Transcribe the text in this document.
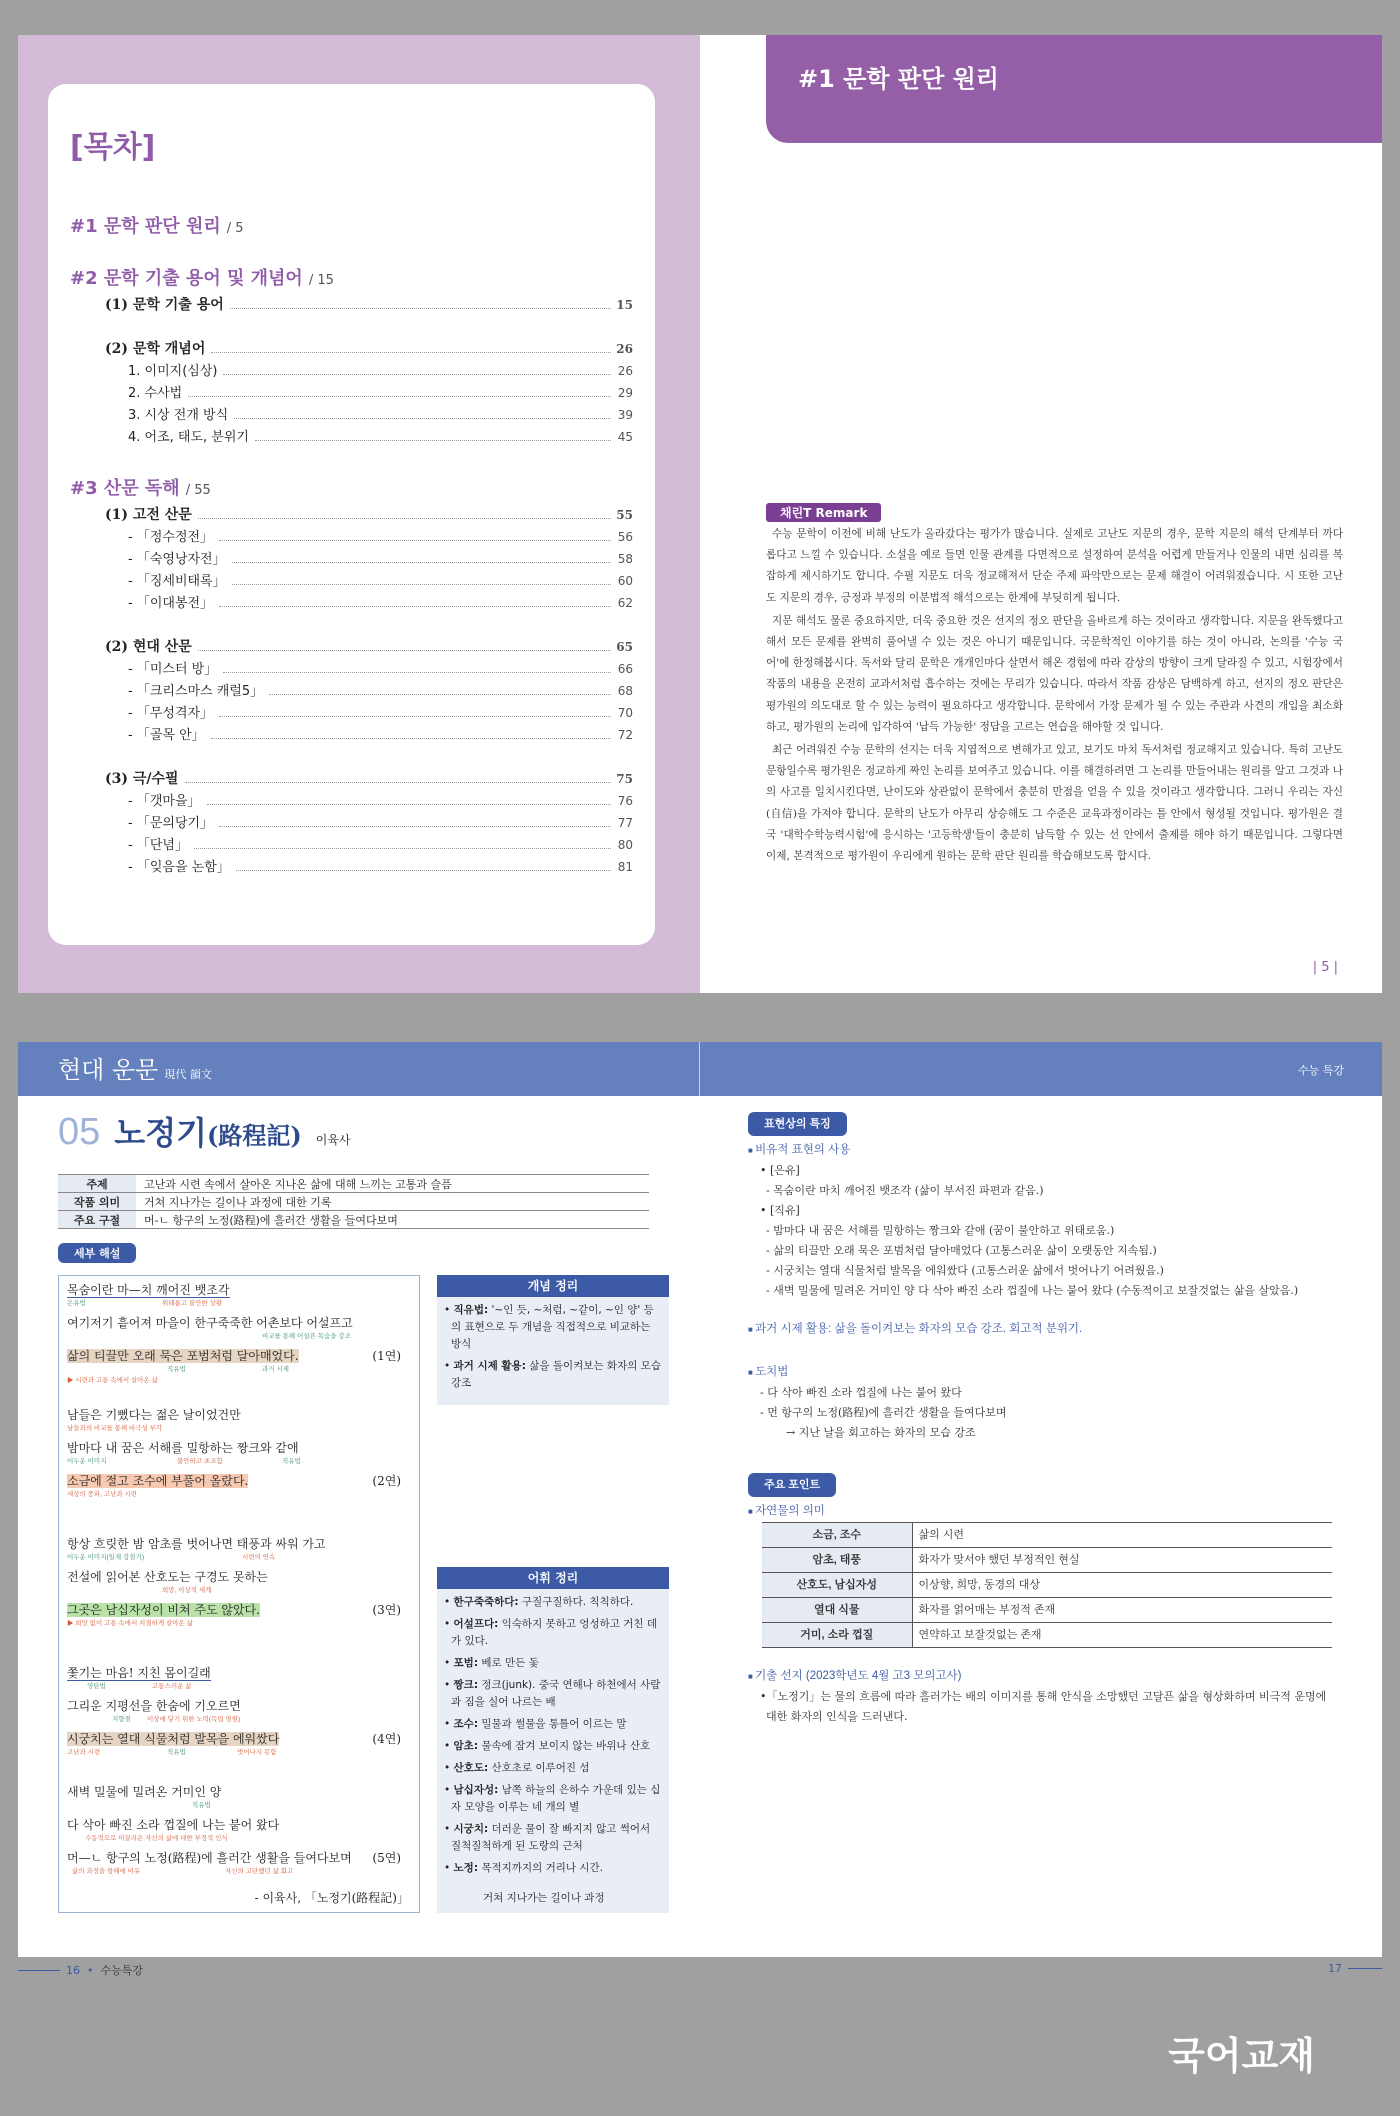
[목차]
#1 문학 판단 원리 / 5
#2 문학 기출 용어 및 개념어 / 15
(1) 문학 기출 용어	15
(2) 문학 개념어	26
1. 이미지(심상)	26
2. 수사법	29
3. 시상 전개 방식	39
4. 어조, 태도, 분위기	45
#3 산문 독해 / 55
(1) 고전 산문	55
- 「정수정전」	56
- 「숙영낭자전」	58
- 「징세비태록」	60
- 「이대봉전」	62
(2) 현대 산문	65
- 「미스터 방」	66
- 「크리스마스 캐럴5」	68
- 「무성격자」	70
- 「골목 안」	72
(3) 극/수필	75
- 「갯마을」	76
- 「문의당기」	77
- 「단념」	80
- 「잊음을 논함」	81
#1 문학 판단 원리
채린T Remark

수능 문학이 이전에 비해 난도가 올라갔다는 평가가 많습니다. 실제로 고난도 지문의 경우, 문학 지문의 해석 단계부터 까다롭다고 느낄 수 있습니다. 소설을 예로 들면 인물 관계를 다면적으로 설정하여 분석을 어렵게 만들거나 인물의 내면 심리를 복잡하게 제시하기도 합니다. 수필 지문도 더욱 정교해져서 단순 주제 파악만으로는 문제 해결이 어려워졌습니다. 시 또한 고난도 지문의 경우, 긍정과 부정의 이분법적 해석으로는 한계에 부딪히게 됩니다.

지문 해석도 물론 중요하지만, 더욱 중요한 것은 선지의 정오 판단을 올바르게 하는 것이라고 생각합니다. 지문을 완독했다고 해서 모든 문제를 완벽히 풀어낼 수 있는 것은 아니기 때문입니다. 국문학적인 이야기를 하는 것이 아니라, 논의를 '수능 국어'에 한정해봅시다. 독서와 달리 문학은 개개인마다 살면서 해온 경험에 따라 감상의 방향이 크게 달라질 수 있고, 시험장에서 작품의 내용을 온전히 교과서처럼 흡수하는 것에는 무리가 있습니다. 따라서 작품 감상은 담백하게 하고, 선지의 정오 판단은 평가원의 의도대로 할 수 있는 능력이 필요하다고 생각합니다. 문학에서 가장 문제가 될 수 있는 주관과 사견의 개입을 최소화하고, 평가원의 논리에 입각하여 '납득 가능한' 정답을 고르는 연습을 해야할 것 입니다.

최근 어려워진 수능 문학의 선지는 더욱 지엽적으로 변해가고 있고, 보기도 마치 독서처럼 정교해지고 있습니다. 특히 고난도 문항일수록 평가원은 정교하게 짜인 논리를 보여주고 있습니다. 이를 해결하려면 그 논리를 만들어내는 원리를 알고 그것과 나의 사고를 일치시킨다면, 난이도와 상관없이 문학에서 충분히 만점을 얻을 수 있을 것이라고 생각합니다. 그러니 우리는 자신(自信)을 가져야 합니다. 문학의 난도가 아무리 상승해도 그 수준은 교육과정이라는 틀 안에서 형성될 것입니다. 평가원은 결국 '대학수학능력시험'에 응시하는 '고등학생'들이 충분히 납득할 수 있는 선 안에서 출제를 해야 하기 때문입니다. 그렇다면 이제, 본격적으로 평가원이 우리에게 원하는 문학 판단 원리를 학습해보도록 합시다.

| 5 |
현대 운문 現代 韻文
05 노정기 (路程記) 이육사
주제	고난과 시련 속에서 살아온 지나온 삶에 대해 느끼는 고통과 슬픔
작품 의미	거쳐 지나가는 길이나 과정에 대한 기록
주요 구절	머-ㄴ 항구의 노정(路程)에 흘러간 생활을 들여다보며
세부 해설
목숨이란 마—치 깨어진 뱃조각
은유법	위태롭고 불안한 상황
여기저기 흩어져 마을이 한구죽죽한 어촌보다 어설프고
비교를 통해 어설픈 목숨을 강조
삶의 티끌만 오래 묵은 포범처럼 달아매었다.	(1연)
직유법	과거 시제
▶ 시련과 고통 속에서 살아온 삶
남들은 기뻤다는 젊은 날이었건만
남들과의 비교를 통해 비극성 부각
밤마다 내 꿈은 서해를 밀항하는 짱크와 같애
어두운 이미지	불안하고 초조함	직유법
소금에 절고 조수에 부풀어 올랐다.	(2연)
세상의 풍파, 고난과 시련
항상 흐릿한 밤 암초를 벗어나면 태풍과 싸워 가고
어두운 이미지(일제 강점기)	시련의 연속
전설에 읽어본 산호도는 구경도 못하는
희망, 이상적 세계
그곳은 남십자성이 비쳐 주도 않았다.	(3연)
▶ 희망 없이 고통 속에서 처절하게 살아온 삶
쫓기는 마음! 지친 몸이길래
영탄법	고통스러운 삶
그리운 지평선을 한숨에 기오르면
지향점 이상에 닿기 위한 노력(독립 염원)
시궁치는 열대 식물처럼 발목을 에워쌌다	(4연)
고난과 시련	직유법	벗어나지 못함
새벽 밀물에 밀려온 거미인 양
직유법
다 삭아 빠진 소라 껍질에 나는 붙어 왔다
수동적으로 이끌려온 자신의 삶에 대한 부정적 인식
머—ㄴ 항구의 노정(路程)에 흘러간 생활을 들여다보며 (5연)
삶의 과정을 항해에 비유	자신의 고단했던 삶 회고
- 이육사, 「노정기(路程記)」
개념 정리
• 직유법: '~인 듯, ~처럼, ~같이, ~인 양' 등의 표현으로 두 개념을 직접적으로 비교하는 방식
• 과거 시제 활용: 삶을 돌이켜보는 화자의 모습 강조
어휘 정리
• 한구죽죽하다: 구질구질하다. 칙칙하다.
• 어설프다: 익숙하지 못하고 엉성하고 거친 데가 있다.
• 포범: 베로 만든 돛
• 짱크: 정크(junk). 중국 연해나 하천에서 사람과 짐을 실어 나르는 배
• 조수: 밀물과 썰물을 통틀어 이르는 말
• 암초: 물속에 잠겨 보이지 않는 바위나 산호
• 산호도: 산호초로 이루어진 섬
• 남십자성: 남쪽 하늘의 은하수 가운데 있는 십자 모양을 이루는 네 개의 별
• 시궁치: 더러운 물이 잘 빠지지 않고 썩어서 질척질척하게 된 도랑의 근처
• 노정: 목적지까지의 거리나 시간.
거쳐 지나가는 길이나 과정
16
•
수능특강
수능 특강
표현상의 특징
■ 비유적 표현의 사용
• [은유]
- 목숨이란 마치 깨어진 뱃조각 (삶이 부서진 파편과 같음.)
• [직유]
- 밤마다 내 꿈은 서해를 밀항하는 짱크와 같애 (꿈이 불안하고 위태로움.)
- 삶의 티끌만 오래 묵은 포범처럼 달아매었다 (고통스러운 삶이 오랫동안 지속됨.)
- 시궁치는 열대 식물처럼 발목을 에워쌌다 (고통스러운 삶에서 벗어나기 어려웠음.)
- 새벽 밀물에 밀려온 거미인 양 다 삭아 빠진 소라 껍질에 나는 붙어 왔다 (수동적이고 보잘것없는 삶을 살았음.)
■ 과거 시제 활용: 삶을 돌이켜보는 화자의 모습 강조. 회고적 분위기.
■ 도치법
- 다 삭아 빠진 소라 껍질에 나는 붙어 왔다
- 먼 항구의 노정(路程)에 흘러간 생활을 들여다보며
→ 지난 날을 회고하는 화자의 모습 강조
주요 포인트
■ 자연물의 의미
소금, 조수	삶의 시련
암초, 태풍	화자가 맞서야 했던 부정적인 현실
산호도, 남십자성	이상향, 희망, 동경의 대상
열대 식물	화자를 얽어매는 부정적 존재
거미, 소라 껍질	연약하고 보잘것없는 존재
■ 기출 선지 (2023학년도 4월 고3 모의고사)
•「노정기」는 물의 흐름에 따라 흘러가는 배의 이미지를 통해 안식을 소망했던 고달픈 삶을 형상화하며 비극적 운명에 대한 화자의 인식을 드러낸다.
17
국어교재
